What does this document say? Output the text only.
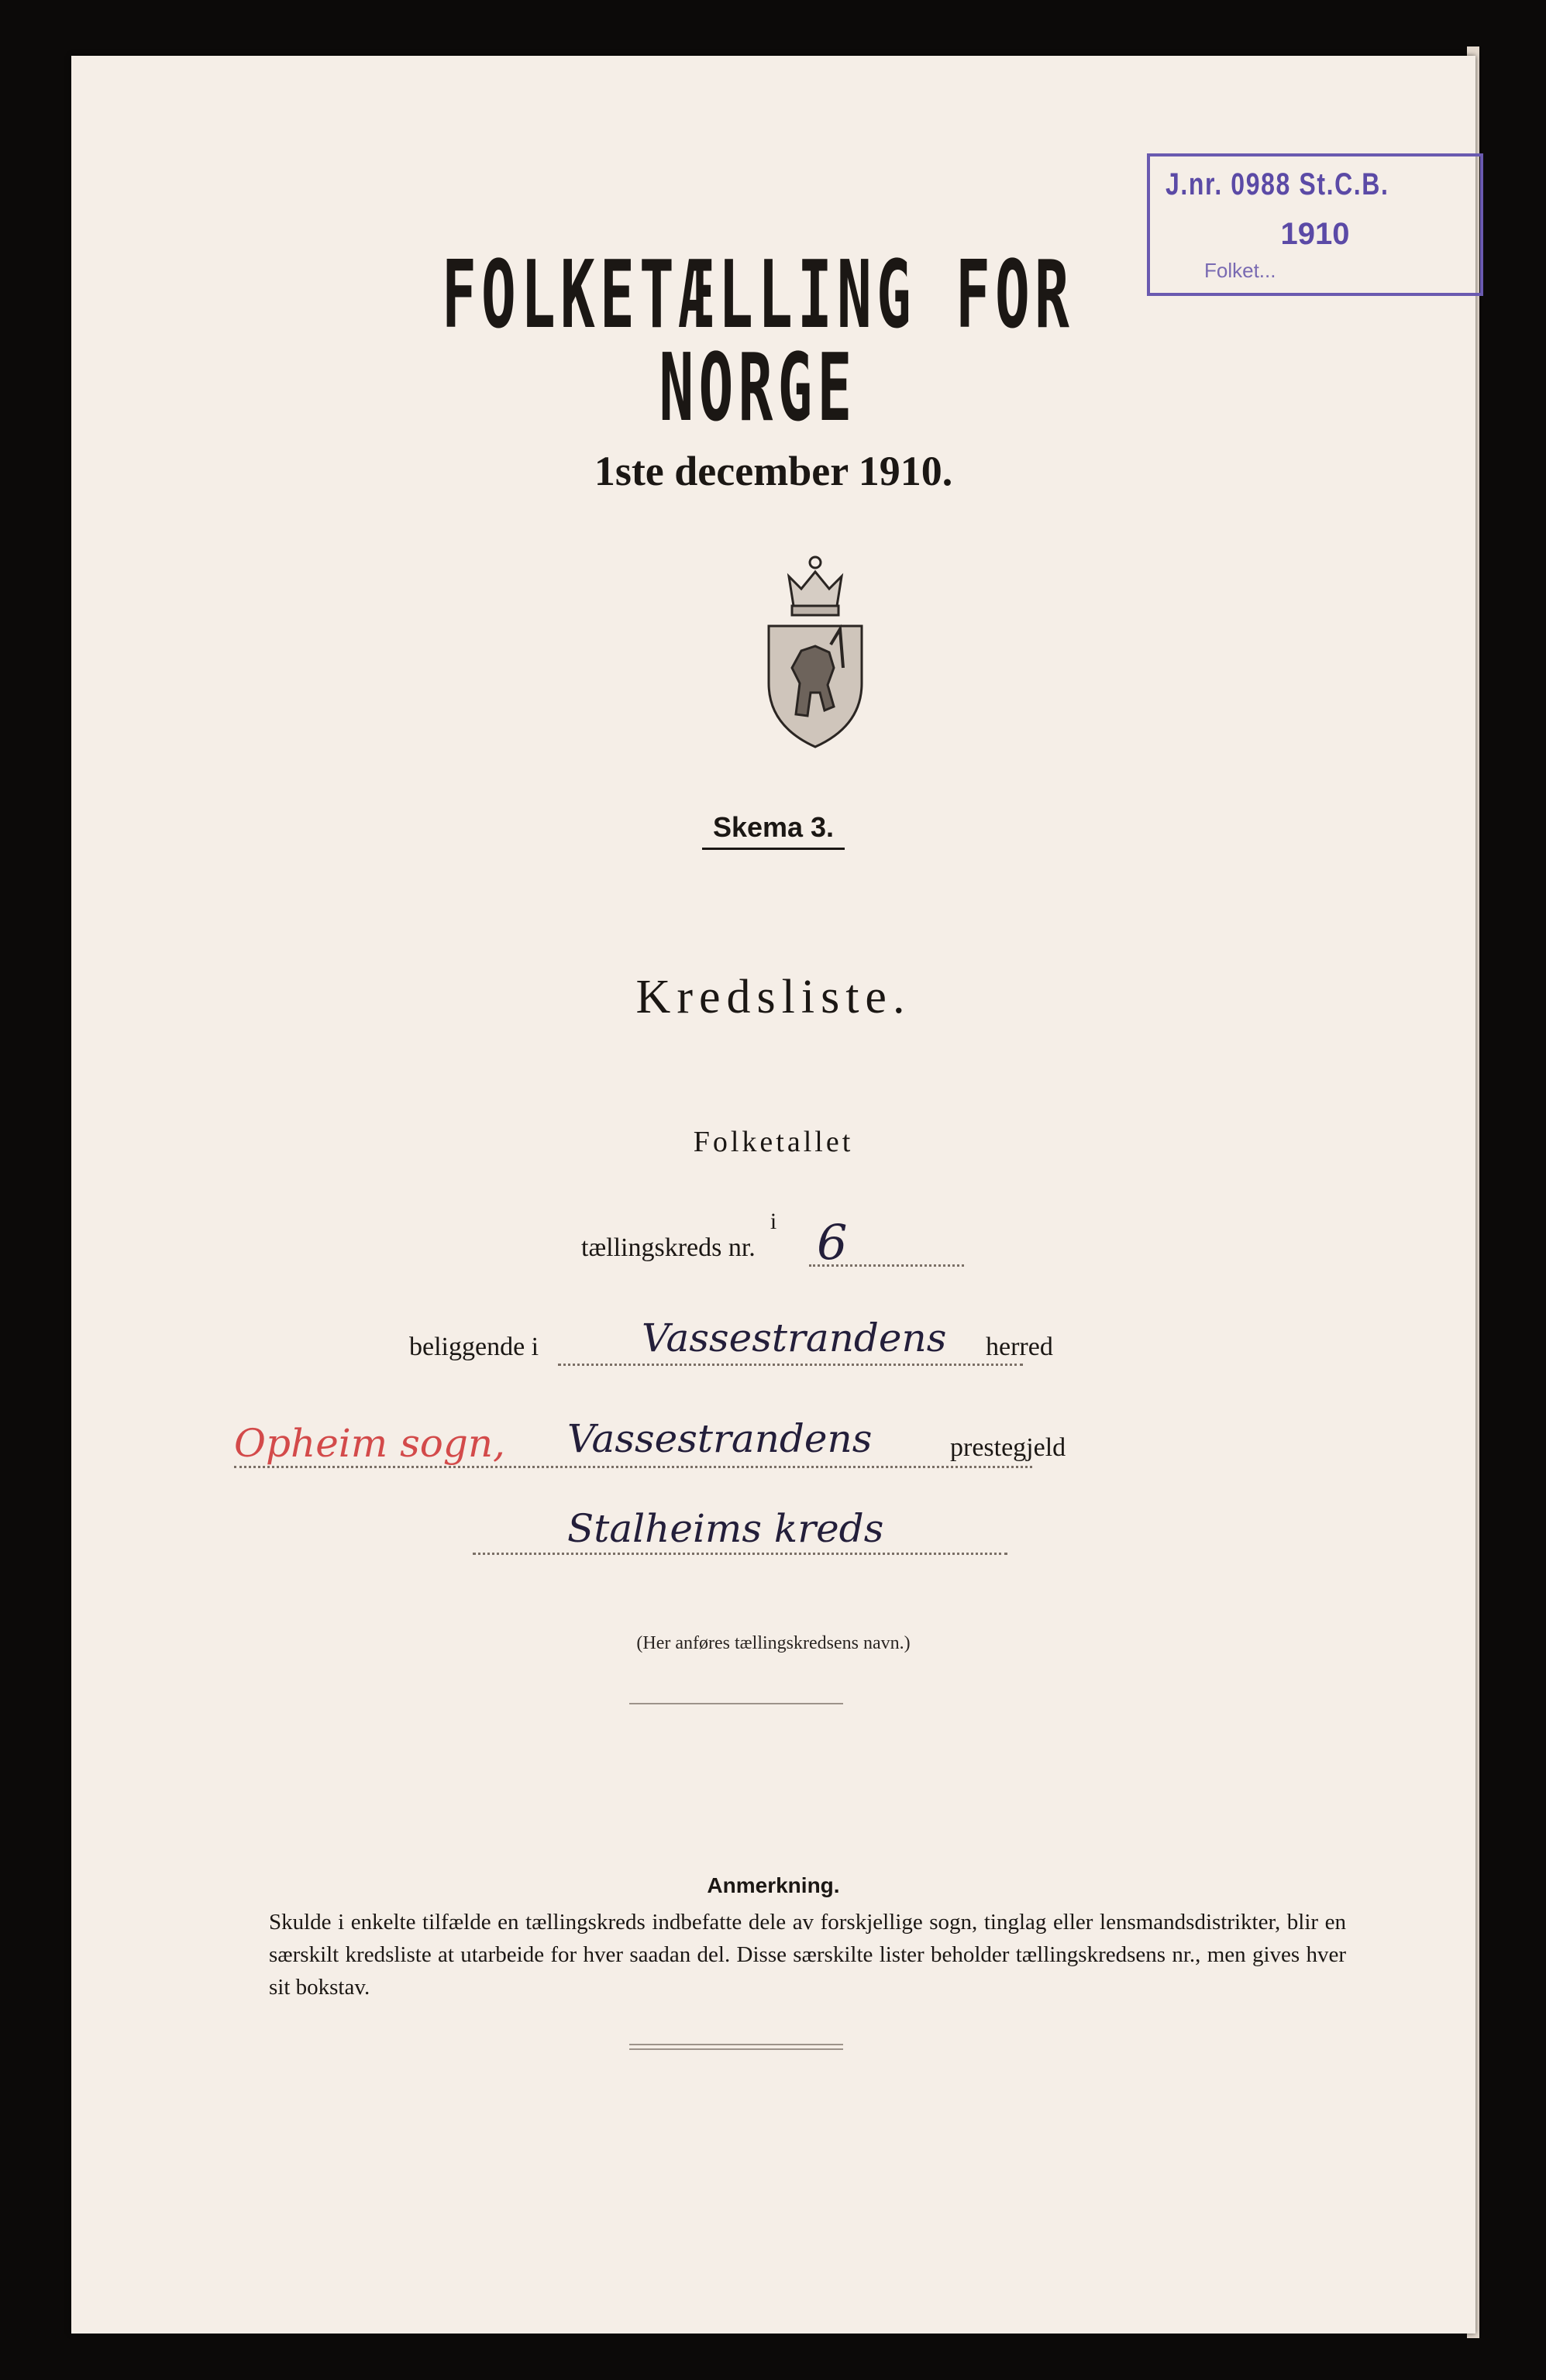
J.nr. 0988 St.C.B.
1910
Folket...
FOLKETÆLLING FOR NORGE
1ste december 1910.
Skema 3.
Kredsliste.
Folketallet
i
tællingskreds nr. 6
beliggende i	Vassestrandens herred
Opheim sogn, Vassestrandens	prestegjeld
Stalheims kreds
(Her anføres tællingskredsens navn.)
Anmerkning.
Skulde i enkelte tilfælde en tællingskreds indbefatte dele av forskjellige sogn, tinglag eller lensmandsdistrikter, blir en særskilt kredsliste at utarbeide for hver saadan del. Disse særskilte lister beholder tællingskredsens nr., men gives hver sit bokstav.
